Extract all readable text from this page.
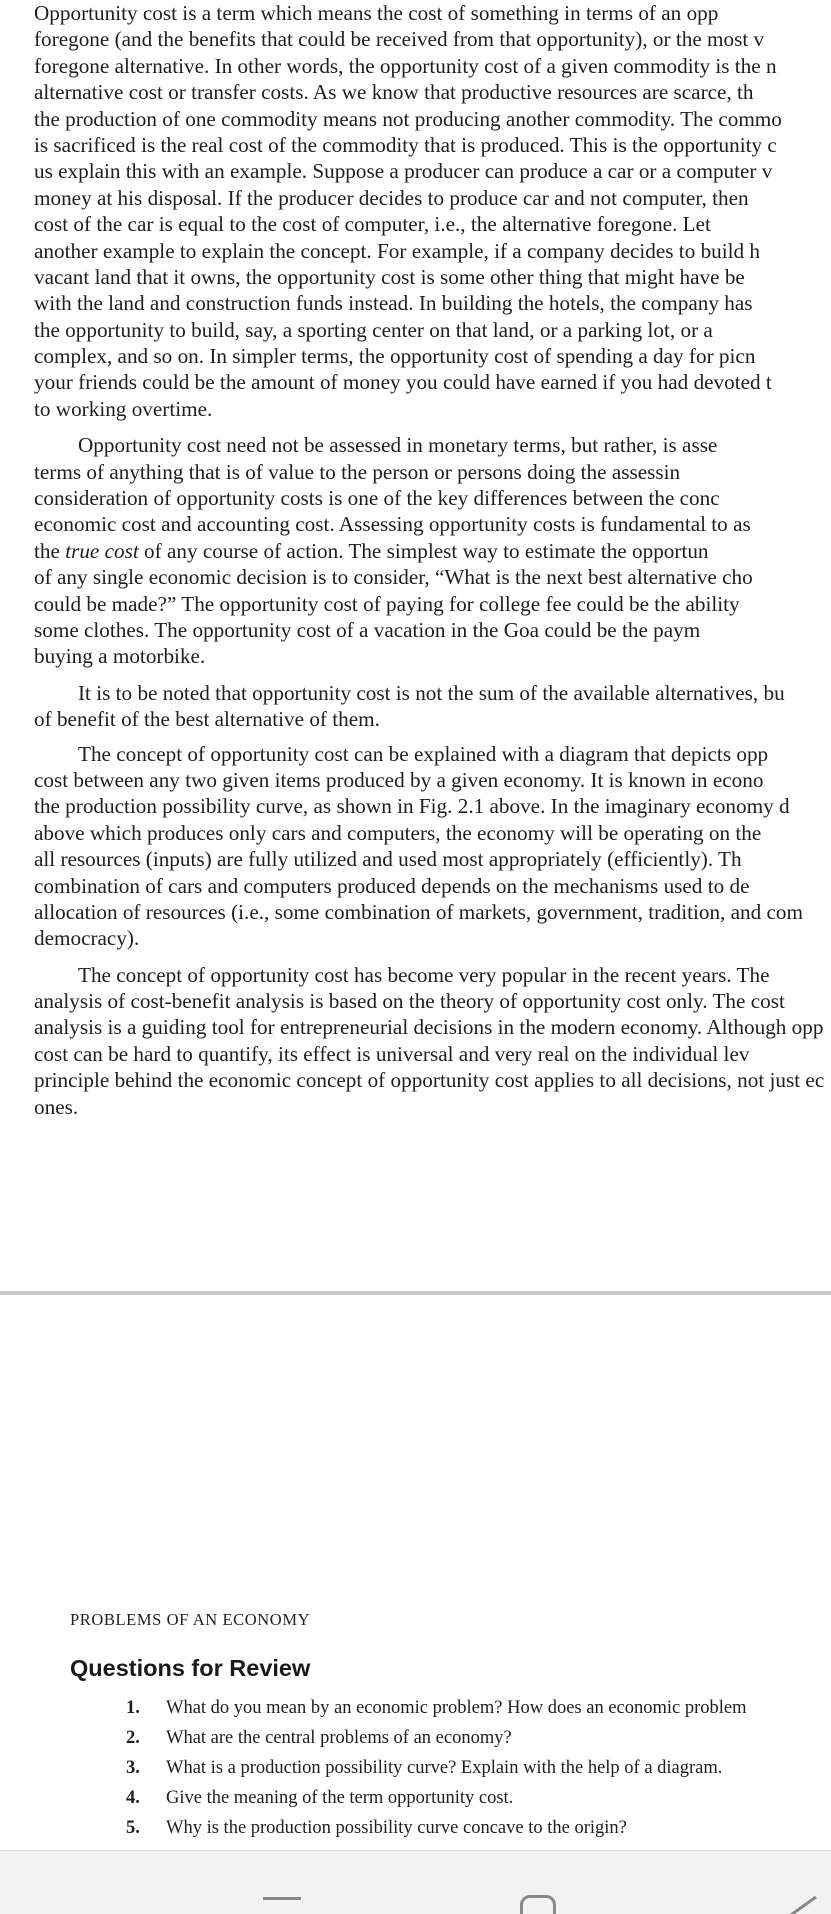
Opportunity cost is a term which means the cost of something in terms of an opp
foregone (and the benefits that could be received from that opportunity), or the most v
foregone alternative. In other words, the opportunity cost of a given commodity is the n
alternative cost or transfer costs. As we know that productive resources are scarce, th
the production of one commodity means not producing another commodity. The commo
is sacrificed is the real cost of the commodity that is produced. This is the opportunity c
us explain this with an example. Suppose a producer can produce a car or a computer v
money at his disposal. If the producer decides to produce car and not computer, then
cost of the car is equal to the cost of computer, i.e., the alternative foregone. Let
another example to explain the concept. For example, if a company decides to build h
vacant land that it owns, the opportunity cost is some other thing that might have be
with the land and construction funds instead. In building the hotels, the company has
the opportunity to build, say, a sporting center on that land, or a parking lot, or a
complex, and so on. In simpler terms, the opportunity cost of spending a day for picn
your friends could be the amount of money you could have earned if you had devoted t
to working overtime.
Opportunity cost need not be assessed in monetary terms, but rather, is asse
terms of anything that is of value to the person or persons doing the assessin
consideration of opportunity costs is one of the key differences between the conc
economic cost and accounting cost. Assessing opportunity costs is fundamental to as
the true cost of any course of action. The simplest way to estimate the opportun
of any single economic decision is to consider, “What is the next best alternative cho
could be made?” The opportunity cost of paying for college fee could be the ability
some clothes. The opportunity cost of a vacation in the Goa could be the paym
buying a motorbike.
It is to be noted that opportunity cost is not the sum of the available alternatives, bu
of benefit of the best alternative of them.
The concept of opportunity cost can be explained with a diagram that depicts opp
cost between any two given items produced by a given economy. It is known in econo
the production possibility curve, as shown in Fig. 2.1 above. In the imaginary economy d
above which produces only cars and computers, the economy will be operating on the
all resources (inputs) are fully utilized and used most appropriately (efficiently). Th
combination of cars and computers produced depends on the mechanisms used to de
allocation of resources (i.e., some combination of markets, government, tradition, and com
democracy).
The concept of opportunity cost has become very popular in the recent years. The
analysis of cost-benefit analysis is based on the theory of opportunity cost only. The cost
analysis is a guiding tool for entrepreneurial decisions in the modern economy. Although opp
cost can be hard to quantify, its effect is universal and very real on the individual lev
principle behind the economic concept of opportunity cost applies to all decisions, not just ec
ones.
PROBLEMS OF AN ECONOMY
Questions for Review
1. What do you mean by an economic problem? How does an economic problem
2. What are the central problems of an economy?
3. What is a production possibility curve? Explain with the help of a diagram.
4. Give the meaning of the term opportunity cost.
5. Why is the production possibility curve concave to the origin?
